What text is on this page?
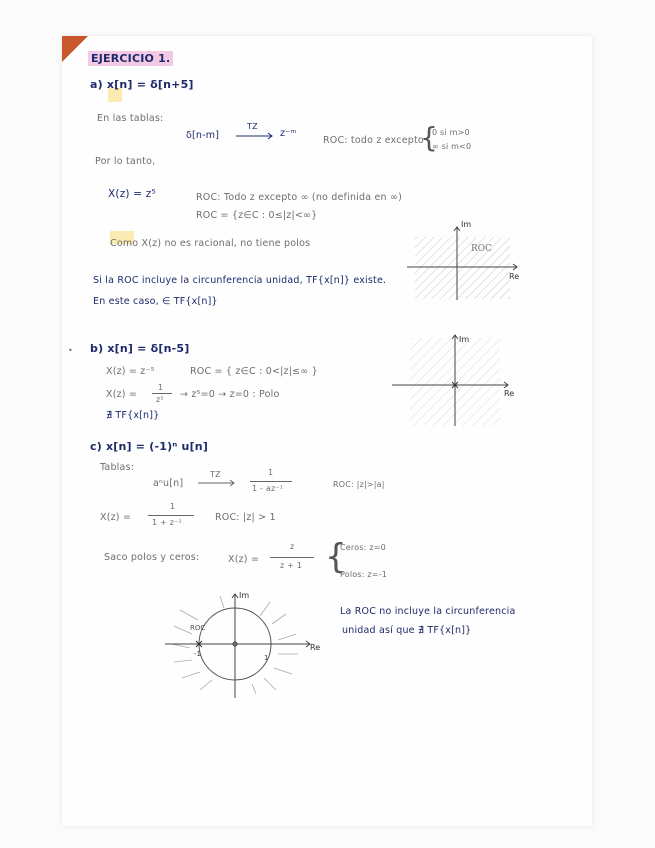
EJERCICIO 1.
a) x[n] = δ[n+5]
En las tablas:
δ[n-m]
TZ
z⁻ᵐ
ROC: todo z excepto
{
0 si m>0
∞ si m<0
Por lo tanto,
X(z) = z⁵	ROC: Todo z excepto ∞ (no definida en ∞)
ROC = {z∈C : 0≤|z|<∞}
Como X(z) no es racional, no tiene polos
Si la ROC incluye la circunferencia unidad, TF{x[n]} existe.
En este caso, ∈ TF{x[n]}
Im
Re
ROC
• b) x[n] = δ[n-5]
X(z) = z⁻⁵	ROC = { z∈C : 0<|z|≤∞ }
X(z) =
1
z⁵ → z⁵=0 → z=0 : Polo
∄ TF{x[n]}
Im
Re
c) x[n] = (-1)ⁿ u[n]
Tablas:
aⁿu[n]
TZ	1
1 - az⁻¹	ROC: |z|>|a|
X(z) =
1
1 + z⁻¹	ROC: |z| > 1
Saco polos y ceros:	X(z) =
z
z + 1 {
Ceros: z=0
Polos: z=-1
La ROC no incluye la circunferencia
unidad así que ∄ TF{x[n]}
Im
Re
ROC
-1	1
